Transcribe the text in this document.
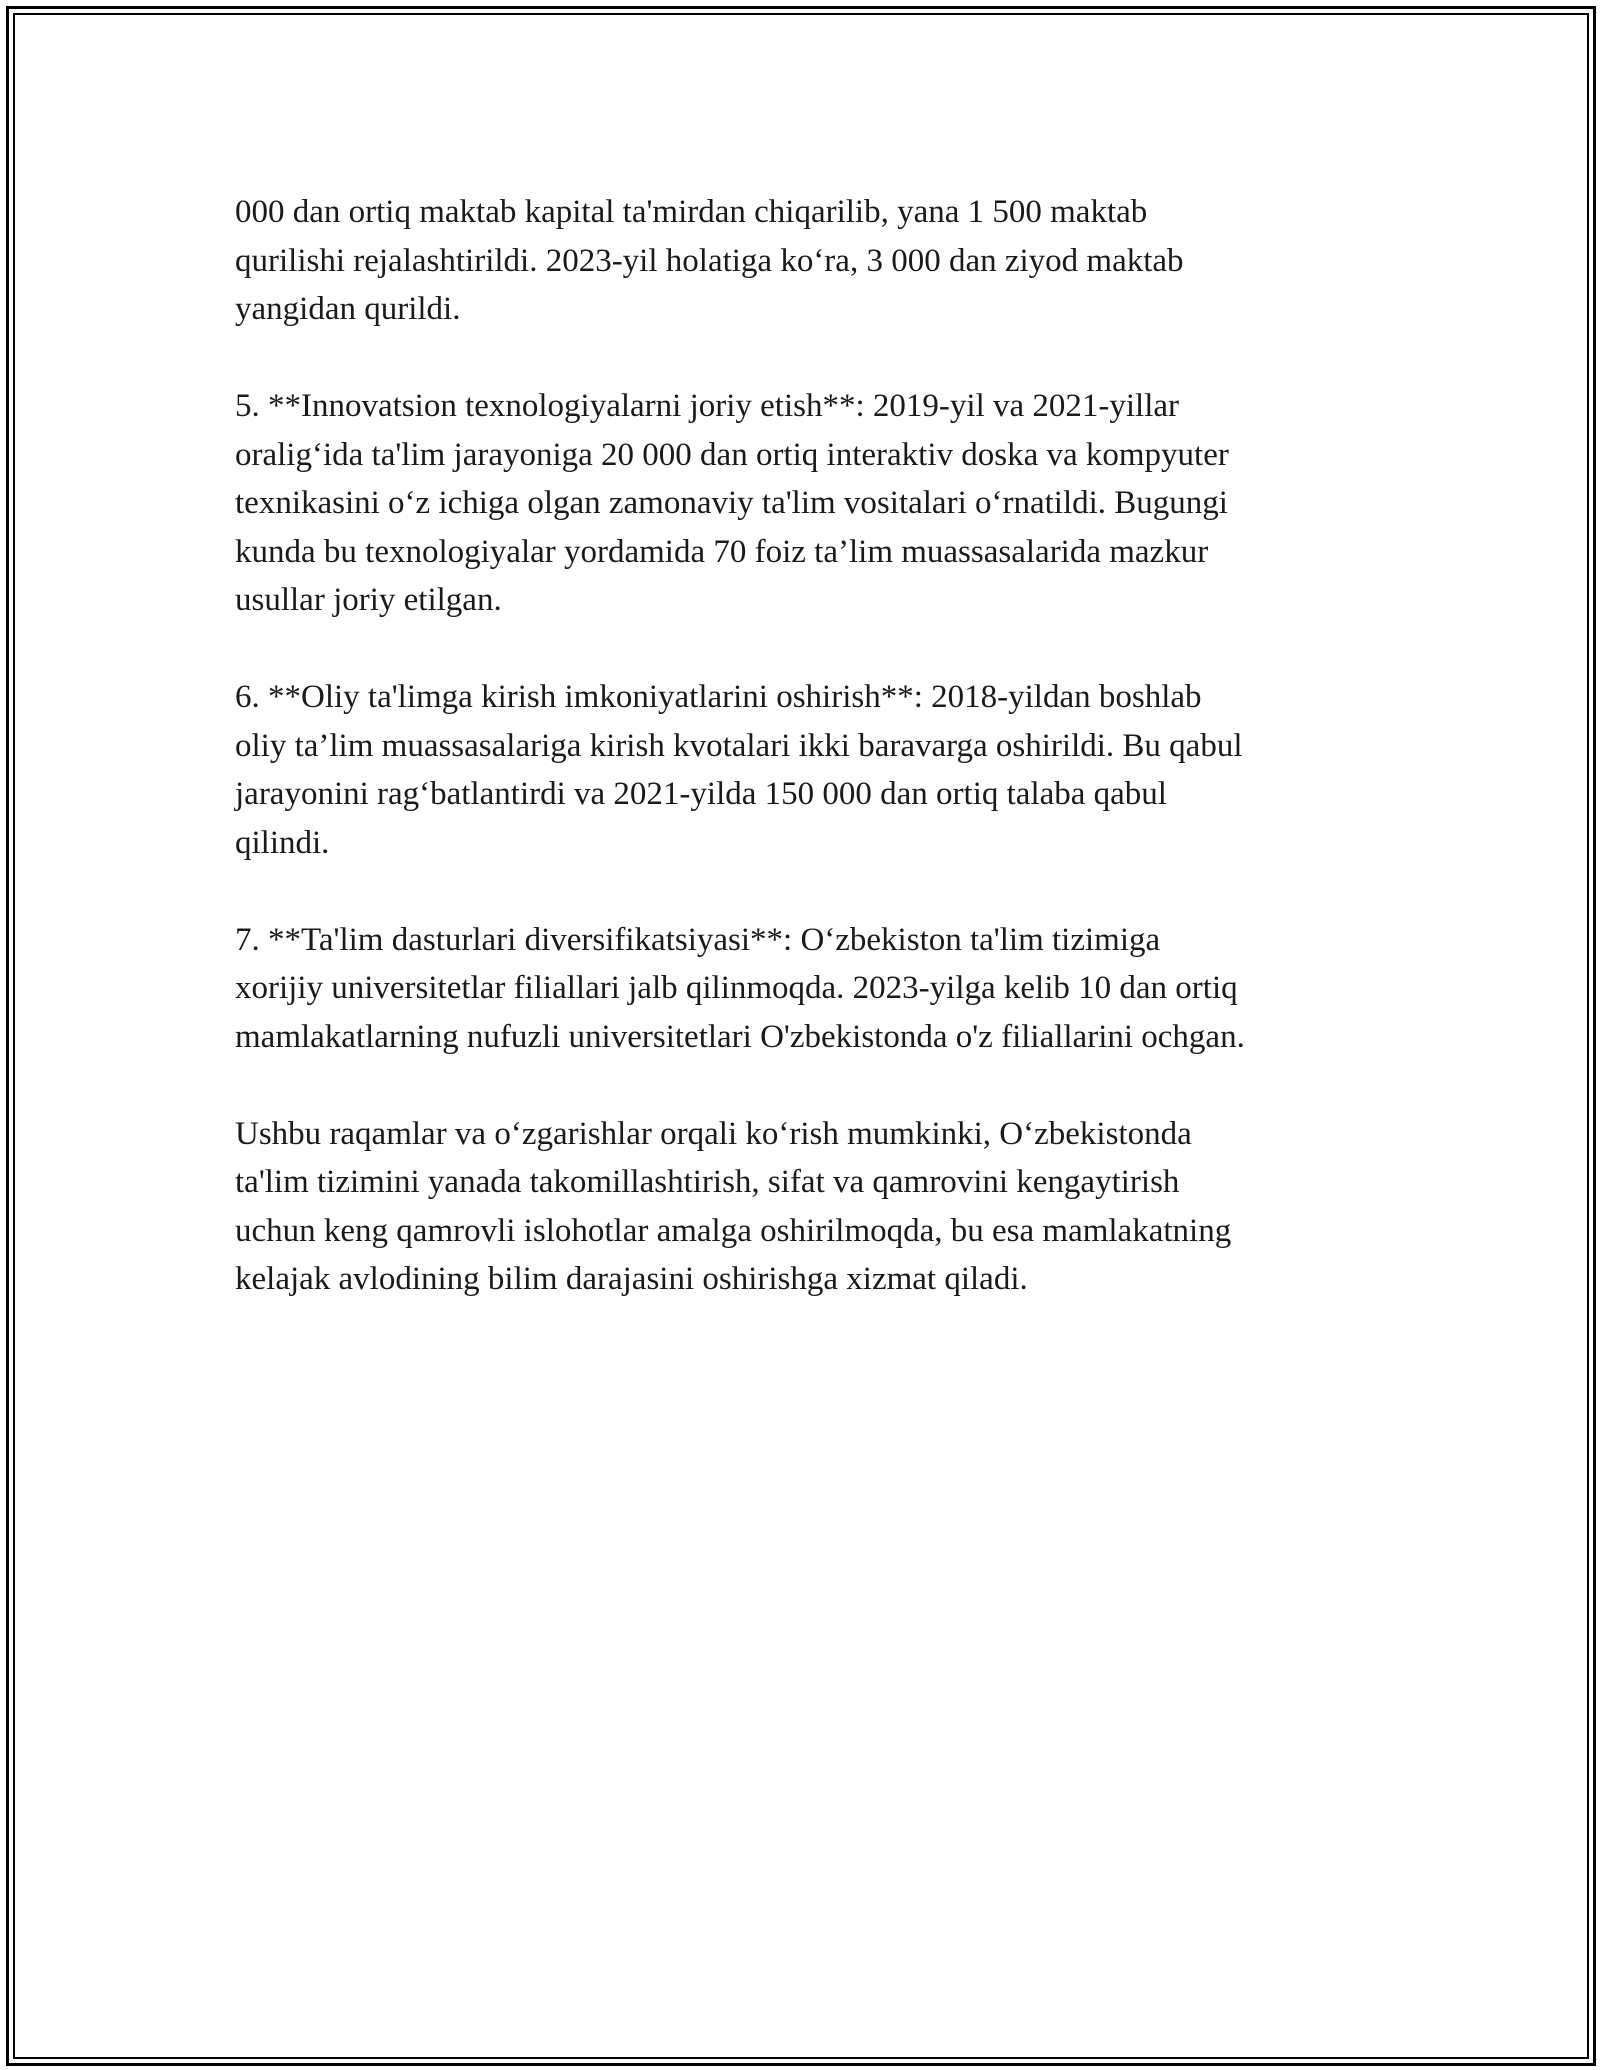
000 dan ortiq maktab kapital ta'mirdan chiqarilib, yana 1 500 maktab
qurilishi rejalashtirildi. 2023-yil holatiga ko‘ra, 3 000 dan ziyod maktab
yangidan qurildi.

5. **Innovatsion texnologiyalarni joriy etish**: 2019-yil va 2021-yillar
oralig‘ida ta'lim jarayoniga 20 000 dan ortiq interaktiv doska va kompyuter
texnikasini o‘z ichiga olgan zamonaviy ta'lim vositalari o‘rnatildi. Bugungi
kunda bu texnologiyalar yordamida 70 foiz ta’lim muassasalarida mazkur
usullar joriy etilgan.

6. **Oliy ta'limga kirish imkoniyatlarini oshirish**: 2018-yildan boshlab
oliy ta’lim muassasalariga kirish kvotalari ikki baravarga oshirildi. Bu qabul
jarayonini rag‘batlantirdi va 2021-yilda 150 000 dan ortiq talaba qabul
qilindi.

7. **Ta'lim dasturlari diversifikatsiyasi**: O‘zbekiston ta'lim tizimiga
xorijiy universitetlar filiallari jalb qilinmoqda. 2023-yilga kelib 10 dan ortiq
mamlakatlarning nufuzli universitetlari O'zbekistonda o'z filiallarini ochgan.

Ushbu raqamlar va o‘zgarishlar orqali ko‘rish mumkinki, O‘zbekistonda
ta'lim tizimini yanada takomillashtirish, sifat va qamrovini kengaytirish
uchun keng qamrovli islohotlar amalga oshirilmoqda, bu esa mamlakatning
kelajak avlodining bilim darajasini oshirishga xizmat qiladi.
